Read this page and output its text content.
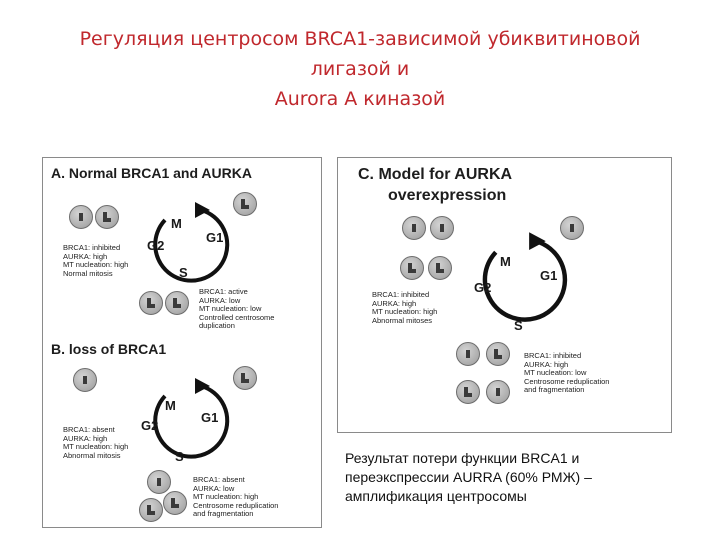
Регуляция центросом BRCA1-зависимой убиквитиновой
лигазой и
Aurora A киназой
A. Normal BRCA1 and AURKA
M
G1
G2
S
BRCA1: inhibited
AURKA: high
MT nucleation: high
Normal mitosis
BRCA1: active
AURKA: low
MT nucleation: low
Controlled centrosome
duplication
B. loss of BRCA1
M
G1
G2
S
BRCA1: absent
AURKA: high
MT nucleation: high
Abnormal mitosis
BRCA1: absent
AURKA: low
MT nucleation: high
Centrosome reduplication
and fragmentation
C. Model for AURKA
overexpression
M
G1
G2
S
BRCA1: inhibited
AURKA: high
MT nucleation: high
Abnormal mitoses
BRCA1: inhibited
AURKA: high
MT nucleation: low
Centrosome reduplication
and fragmentation
Результат потери функции BRCA1 и
переэкспрессии AURRA (60% РМЖ) –
амплификация центросомы
